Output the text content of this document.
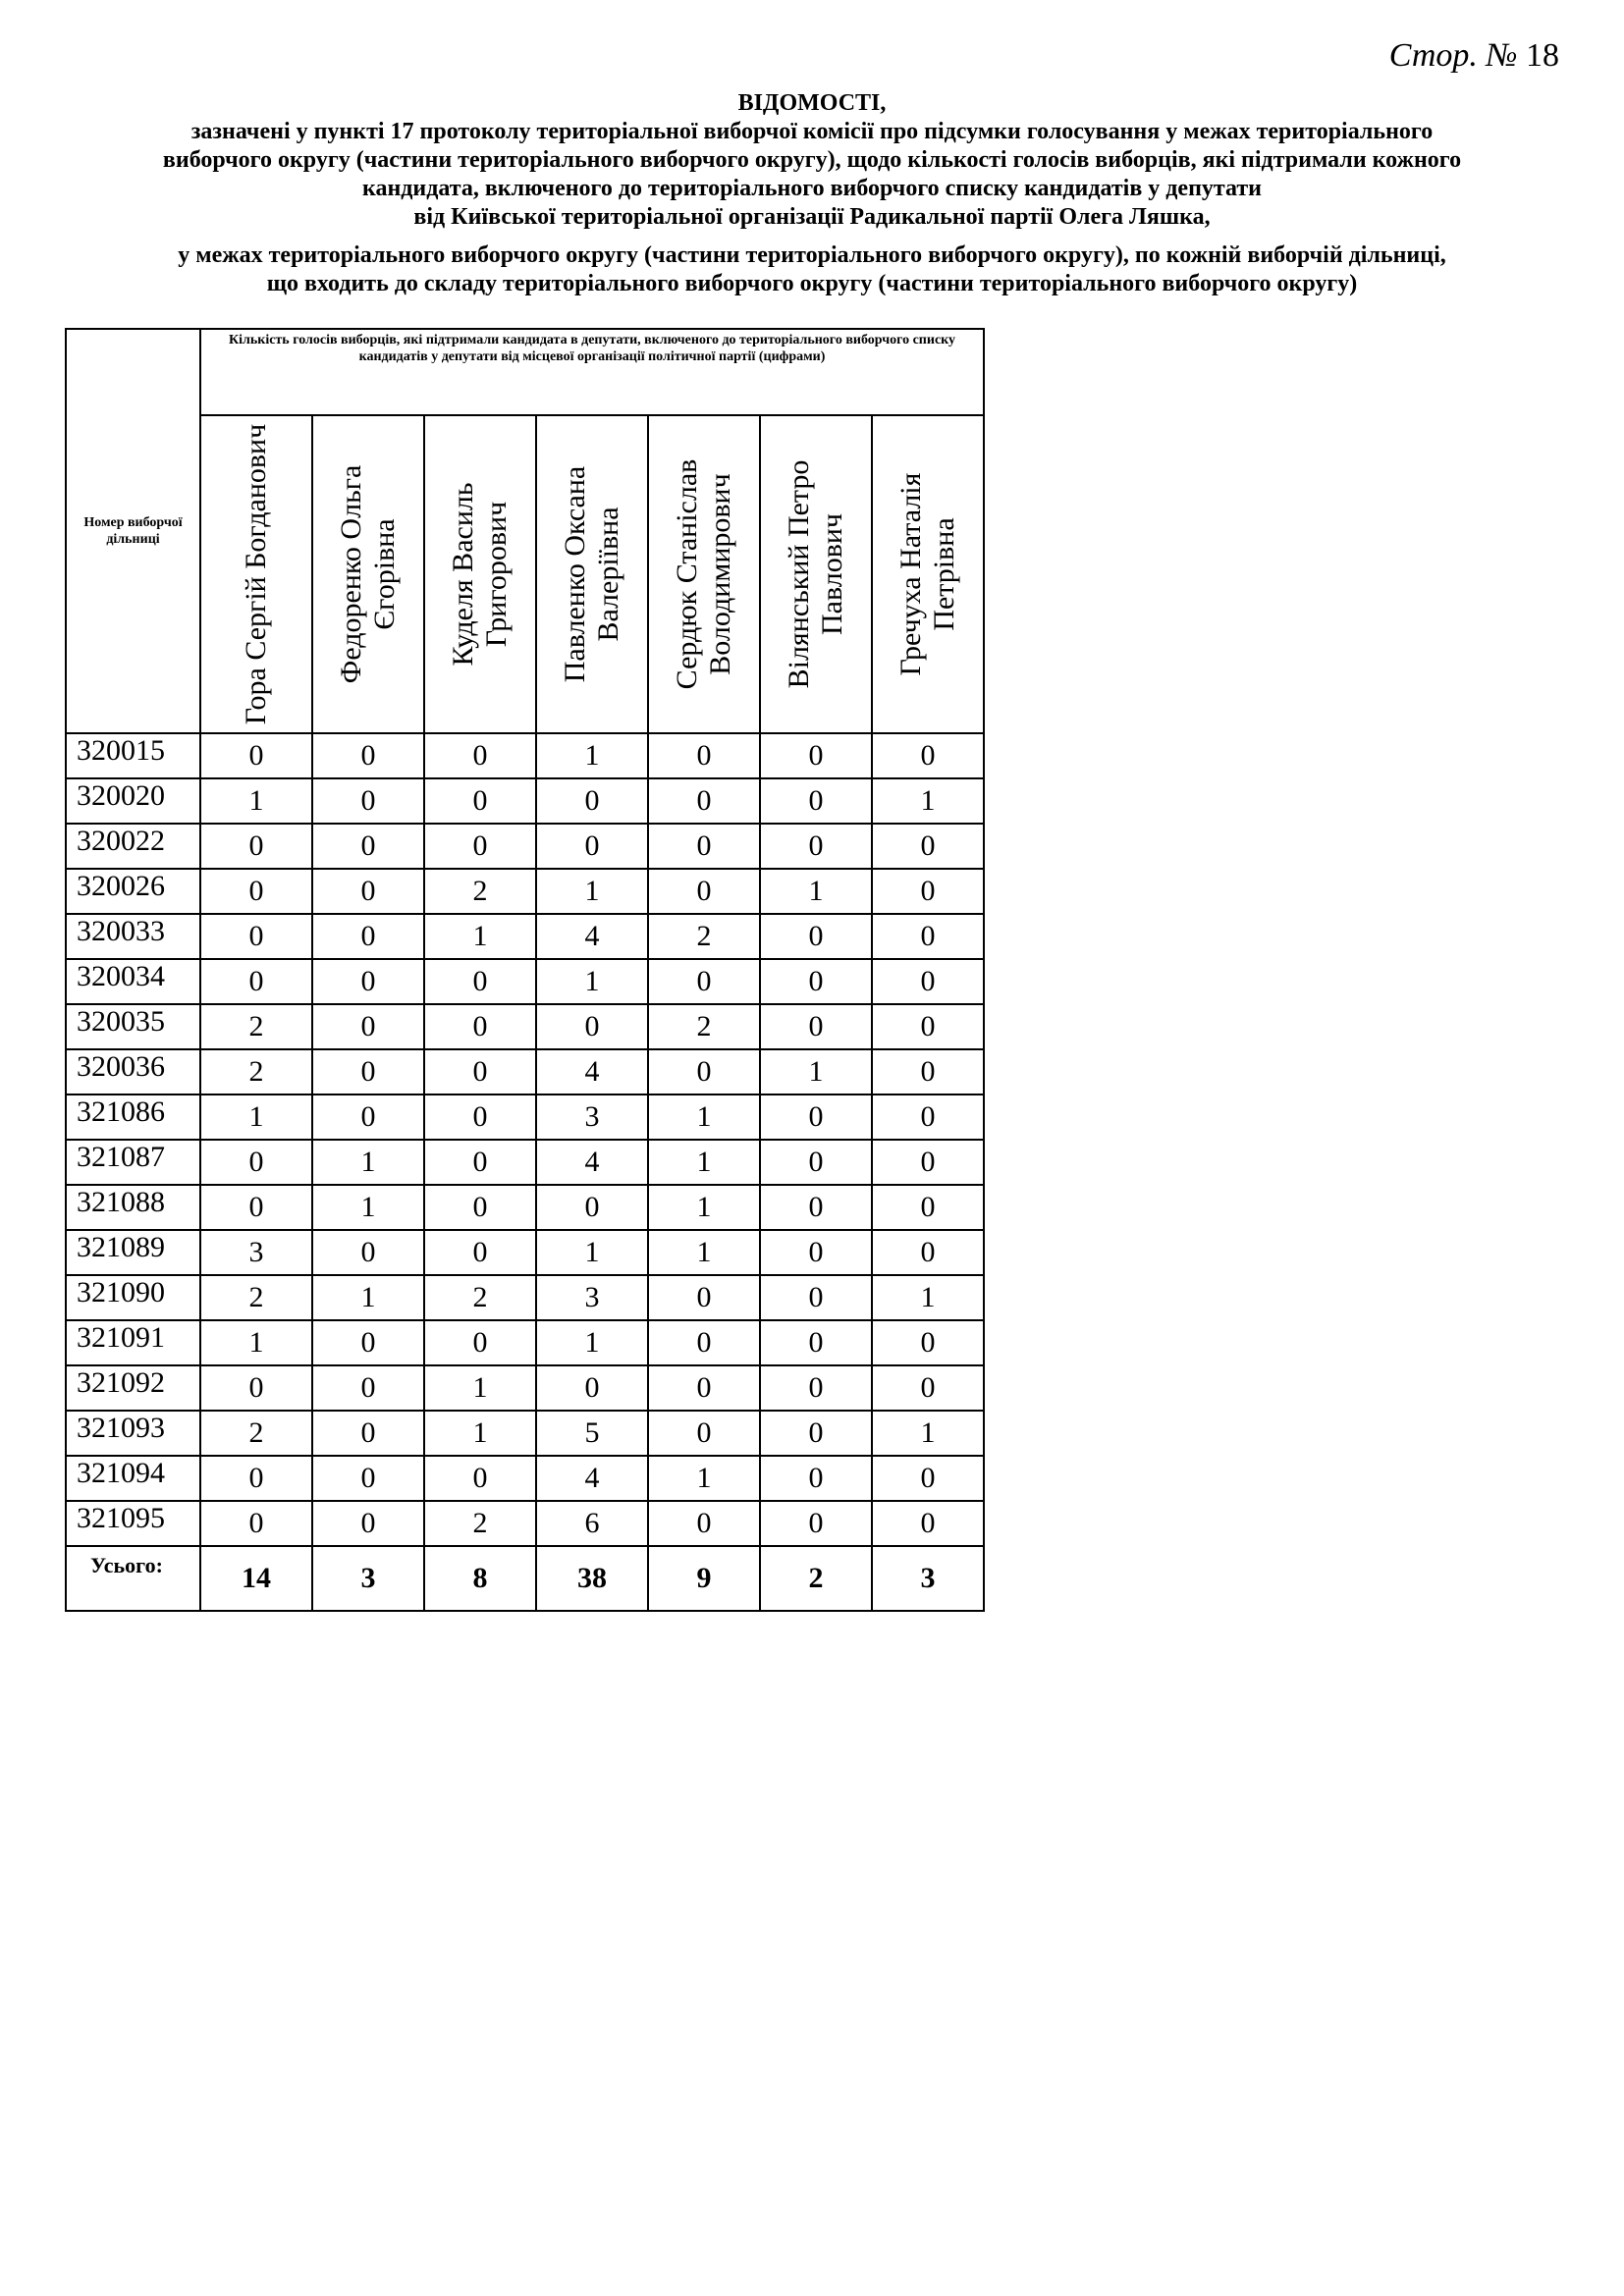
Стор. № 18
ВІДОМОСТІ,
зазначені у пункті 17 протоколу територіальної виборчої комісії про підсумки голосування у межах територіального
виборчого округу (частини територіального виборчого округу), щодо кількості голосів виборців, які підтримали кожного
кандидата, включеного до територіального виборчого списку кандидатів у депутати
від Київської територіальної організації Радикальної партії Олега Ляшка,
у межах територіального виборчого округу (частини територіального виборчого округу), по кожній виборчій дільниці,
що входить до складу територіального виборчого округу (частини територіального виборчого округу)
Номер виборчої дільниці	Кількість голосів виборців, які підтримали кандидата в депутати, включеного до територіального виборчого списку кандидатів у депутати від місцевої організації політичної партії (цифрами)						

	Гора Сергій Богданович	Федоренко Ольга Єгорівна	Куделя Василь Григорович	Павленко Оксана Валеріївна	Сердюк Станіслав Володимирович	Вілянський Петро Павлович	Гречуха Наталія Петрівна

320015	0	0	0	1	0	0	0
320020	1	0	0	0	0	0	1
320022	0	0	0	0	0	0	0
320026	0	0	2	1	0	1	0
320033	0	0	1	4	2	0	0
320034	0	0	0	1	0	0	0
320035	2	0	0	0	2	0	0
320036	2	0	0	4	0	1	0
321086	1	0	0	3	1	0	0
321087	0	1	0	4	1	0	0
321088	0	1	0	0	1	0	0
321089	3	0	0	1	1	0	0
321090	2	1	2	3	0	0	1
321091	1	0	0	1	0	0	0
321092	0	0	1	0	0	0	0
321093	2	0	1	5	0	0	1
321094	0	0	0	4	1	0	0
321095	0	0	2	6	0	0	0
Усього:	14	3	8	38	9	2	3
